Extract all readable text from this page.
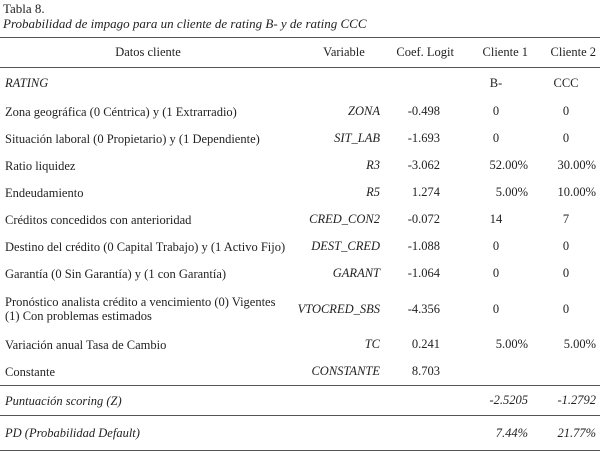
Tabla 8.
Probabilidad de impago para un cliente de rating B- y de rating CCC
Datos cliente	Variable	Coef. Logit	Cliente 1	Cliente 2
RATING			B-	CCC
Zona geográfica (0 Céntrica) y (1 Extrarradio)	ZONA	-0.498	0	0
Situación laboral (0 Propietario) y (1 Dependiente)	SIT_LAB	-1.693	0	0
Ratio liquidez	R3	-3.062	52.00%	30.00%
Endeudamiento	R5	1.274	5.00%	10.00%
Créditos concedidos con anterioridad	CRED_CON2	-0.072	14	7
Destino del crédito (0 Capital Trabajo) y (1 Activo Fijo)	DEST_CRED	-1.088	0	0
Garantía (0 Sin Garantía) y (1 con Garantía)	GARANT	-1.064	0	0

Pronóstico analista crédito a vencimiento (0) Vigentes
(1) Con problemas estimados	VTOCRED_SBS	-4.356	0	0
Variación anual Tasa de Cambio	TC	0.241	5.00%	5.00%
Constante	CONSTANTE	8.703		
Puntuación scoring (Z)			-2.5205	-1.2792
PD (Probabilidad Default)			7.44%	21.77%
